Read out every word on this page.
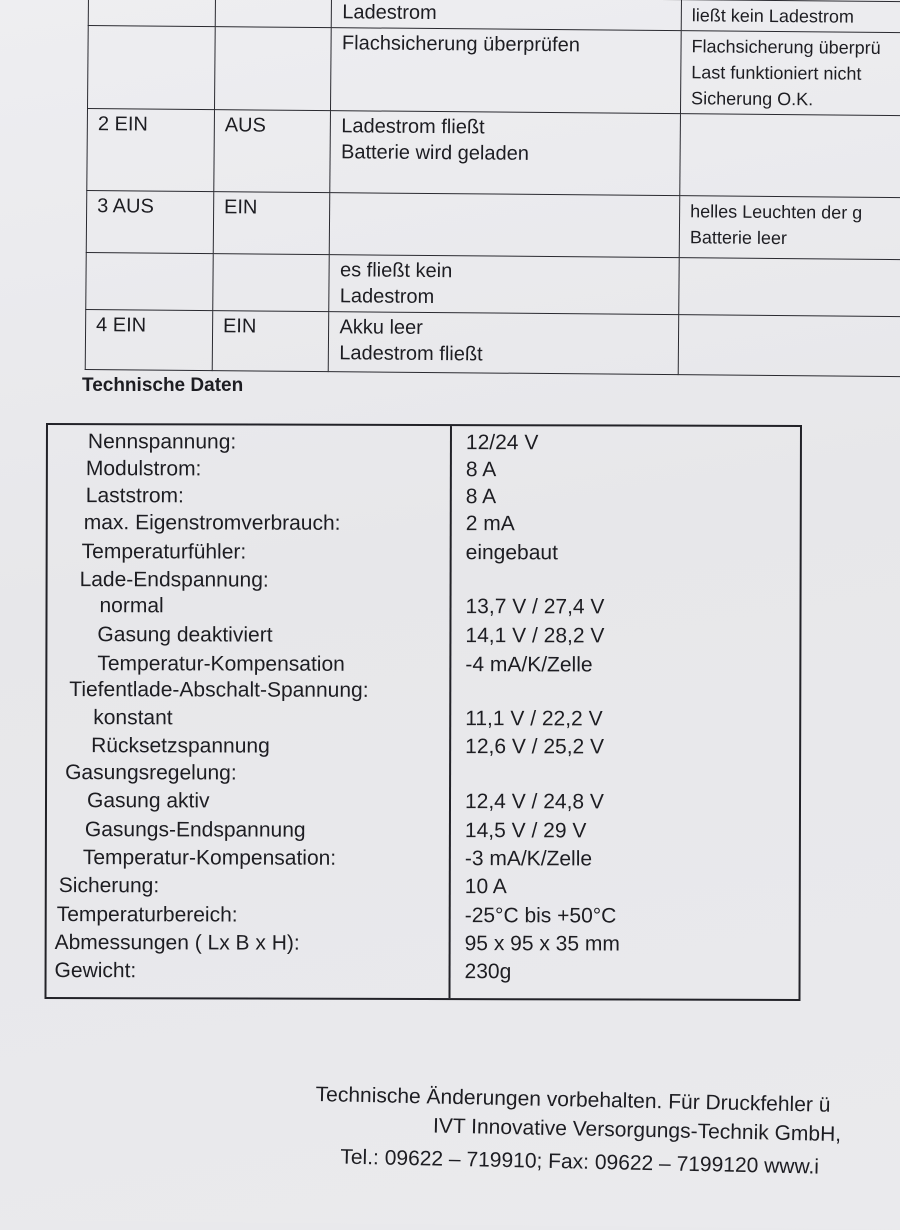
		Ladestrom	ließt kein Ladestrom

		Flachsicherung überprüfen	Flachsicherung überprü
Last funktioniert nicht
Sicherung O.K.

2 EIN	AUS	Ladestrom fließt
Batterie wird geladen	

3 AUS	EIN		helles Leuchten der g
Batterie leer

		es fließt kein
Ladestrom	

4 EIN	EIN	Akku leer
Ladestrom fließt	

Technische Daten
Nennspannung:	12/24 V
Modulstrom:	8 A
Laststrom:	8 A
max. Eigenstromverbrauch:	2 mA
Temperaturfühler:	eingebaut
Lade-Endspannung:
normal	13,7 V / 27,4 V
Gasung deaktiviert	14,1 V / 28,2 V
Temperatur-Kompensation	-4 mA/K/Zelle
Tiefentlade-Abschalt-Spannung:
konstant	11,1 V / 22,2 V
Rücksetzspannung	12,6 V / 25,2 V
Gasungsregelung:
Gasung aktiv	12,4 V / 24,8 V
Gasungs-Endspannung	14,5 V / 29 V
Temperatur-Kompensation:	-3 mA/K/Zelle
Sicherung:	10 A
Temperaturbereich:	-25°C bis +50°C
Abmessungen ( Lx B x H):	95 x 95 x 35 mm
Gewicht:	230g
Technische Änderungen vorbehalten. Für Druckfehler ü
IVT Innovative Versorgungs-Technik GmbH,
Tel.: 09622 – 719910; Fax: 09622 – 7199120 www.i
